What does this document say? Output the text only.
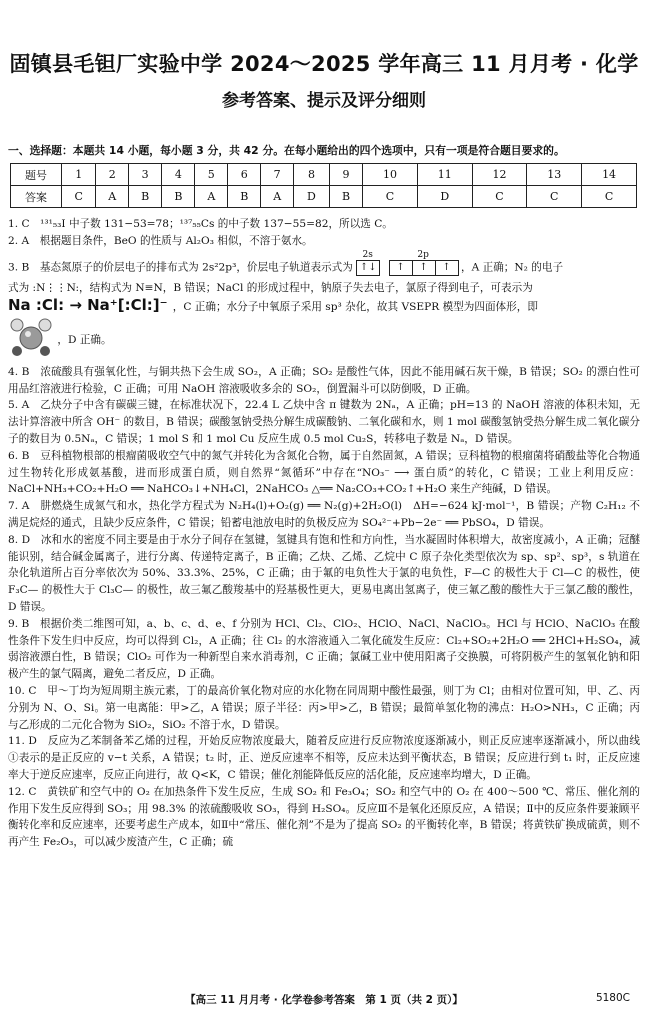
固镇县毛钽厂实验中学 2024～2025 学年高三 11 月月考 · 化学
参考答案、提示及评分细则
一、选择题：本题共 14 小题，每小题 3 分，共 42 分。在每小题给出的四个选项中，只有一项是符合题目要求的。
题号	1	2	3	4	5	6	7	8	9	10	11	12	13	14
答案	C	A	B	B	A	B	A	D	B	C	D	C	C	C

1. C　¹³¹₅₃I 中子数 131−53=78；¹³⁷₅₅Cs 的中子数 137−55=82，所以选 C。

2. A　根据题目条件，BeO 的性质与 Al₂O₃ 相似，不溶于氨水。

3. B　基态氮原子的价层电子的排布式为 2s²2p³，价层电子轨道表示式为
2s
↑↓
2p
↑ ↑ ↑ ，A 正确；N₂ 的电子
式为 :N⋮⋮N:，结构式为 N≡N，B 错误；NaCl 的形成过程中，钠原子失去电子，氯原子得到电子，可表示为
Na :Cl: → Na⁺[:Cl:]⁻ ，C 正确；水分子中氧原子采用 sp³ 杂化，故其 VSEPR 模型为四面体形，即
，D 正确。

4. B　浓硫酸具有强氧化性，与铜共热下会生成 SO₂，A 正确；SO₂ 是酸性气体，因此不能用碱石灰干燥，B 错误；SO₂ 的漂白性可用品红溶液进行检验，C 正确；可用 NaOH 溶液吸收多余的 SO₂，倒置漏斗可以防倒吸，D 正确。

5. A　乙炔分子中含有碳碳三键，在标准状况下，22.4 L 乙炔中含 π 键数为 2Nₐ，A 正确；pH=13 的 NaOH 溶液的体积未知，无法计算溶液中所含 OH⁻ 的数目，B 错误；碳酸氢钠受热分解生成碳酸钠、二氧化碳和水，则 1 mol 碳酸氢钠受热分解生成二氧化碳分子的数目为 0.5Nₐ，C 错误；1 mol S 和 1 mol Cu 反应生成 0.5 mol Cu₂S，转移电子数是 Nₐ，D 错误。

6. B　豆科植物根部的根瘤菌吸收空气中的氮气并转化为含氮化合物，属于自然固氮，A 错误；豆科植物的根瘤菌将硝酸盐等化合物通过生物转化形成氨基酸，进而形成蛋白质，则自然界“氮循环”中存在“NO₃⁻ ⟶ 蛋白质”的转化，C 错误；工业上利用反应：NaCl+NH₃+CO₂+H₂O ══ NaHCO₃↓+NH₄Cl，2NaHCO₃ △══ Na₂CO₃+CO₂↑+H₂O 来生产纯碱，D 错误。

7. A　肼燃烧生成氮气和水，热化学方程式为 N₂H₄(l)+O₂(g) ══ N₂(g)+2H₂O(l)　ΔH=−624 kJ·mol⁻¹，B 错误；产物 C₂H₁₂ 不满足烷烃的通式，且缺少反应条件，C 错误；铅蓄电池放电时的负极反应为 SO₄²⁻+Pb−2e⁻ ══ PbSO₄，D 错误。

8. D　冰和水的密度不同主要是由于水分子间存在氢键，氢键具有饱和性和方向性，当水凝固时体积增大，故密度减小，A 正确；冠醚能识别，结合碱金属离子，进行分离、传递特定离子，B 正确；乙炔、乙烯、乙烷中 C 原子杂化类型依次为 sp、sp²、sp³，s 轨道在杂化轨道所占百分率依次为 50%、33.3%、25%，C 正确；由于氟的电负性大于氯的电负性，F—C 的极性大于 Cl—C 的极性，使 F₃C— 的极性大于 Cl₃C— 的极性，故三氟乙酸羧基中的羟基极性更大，更易电离出氢离子，使三氟乙酸的酸性大于三氯乙酸的酸性，D 错误。

9. B　根据价类二维图可知，a、b、c、d、e、f 分别为 HCl、Cl₂、ClO₂、HClO、NaCl、NaClO₃。HCl 与 HClO、NaClO₃ 在酸性条件下发生归中反应，均可以得到 Cl₂，A 正确；往 Cl₂ 的水溶液通入二氧化硫发生反应：Cl₂+SO₂+2H₂O ══ 2HCl+H₂SO₄，减弱溶液漂白性，B 错误；ClO₂ 可作为一种新型自来水消毒剂，C 正确；氯碱工业中使用阳离子交换膜，可将阴极产生的氢氧化钠和阳极产生的氯气隔离，避免二者反应，D 正确。

10. C　甲～丁均为短周期主族元素，丁的最高价氧化物对应的水化物在同周期中酸性最强，则丁为 Cl；由相对位置可知，甲、乙、丙分别为 N、O、Si。第一电离能：甲>乙，A 错误；原子半径：丙>甲>乙，B 错误；最简单氢化物的沸点：H₂O>NH₃，C 正确；丙与乙形成的二元化合物为 SiO₂，SiO₂ 不溶于水，D 错误。

11. D　反应为乙苯制备苯乙烯的过程，开始反应物浓度最大，随着反应进行反应物浓度逐渐减小，则正反应速率逐渐减小，所以曲线①表示的是正反应的 v−t 关系，A 错误；t₂ 时，正、逆反应速率不相等，反应未达到平衡状态，B 错误；反应进行到 t₁ 时，正反应速率大于逆反应速率，反应正向进行，故 Q<K，C 错误；催化剂能降低反应的活化能，反应速率均增大，D 正确。

12. C　黄铁矿和空气中的 O₂ 在加热条件下发生反应，生成 SO₂ 和 Fe₃O₄；SO₂ 和空气中的 O₂ 在 400～500 ℃、常压、催化剂的作用下发生反应得到 SO₃；用 98.3% 的浓硫酸吸收 SO₃，得到 H₂SO₄。反应Ⅲ不是氧化还原反应，A 错误；Ⅱ中的反应条件要兼顾平衡转化率和反应速率，还要考虑生产成本，如Ⅱ中“常压、催化剂”不是为了提高 SO₂ 的平衡转化率，B 错误；将黄铁矿换成硫黄，则不再产生 Fe₂O₃，可以减少废渣产生，C 正确；硫

【高三 11 月月考 · 化学卷参考答案　第 1 页（共 2 页）】	5180C
